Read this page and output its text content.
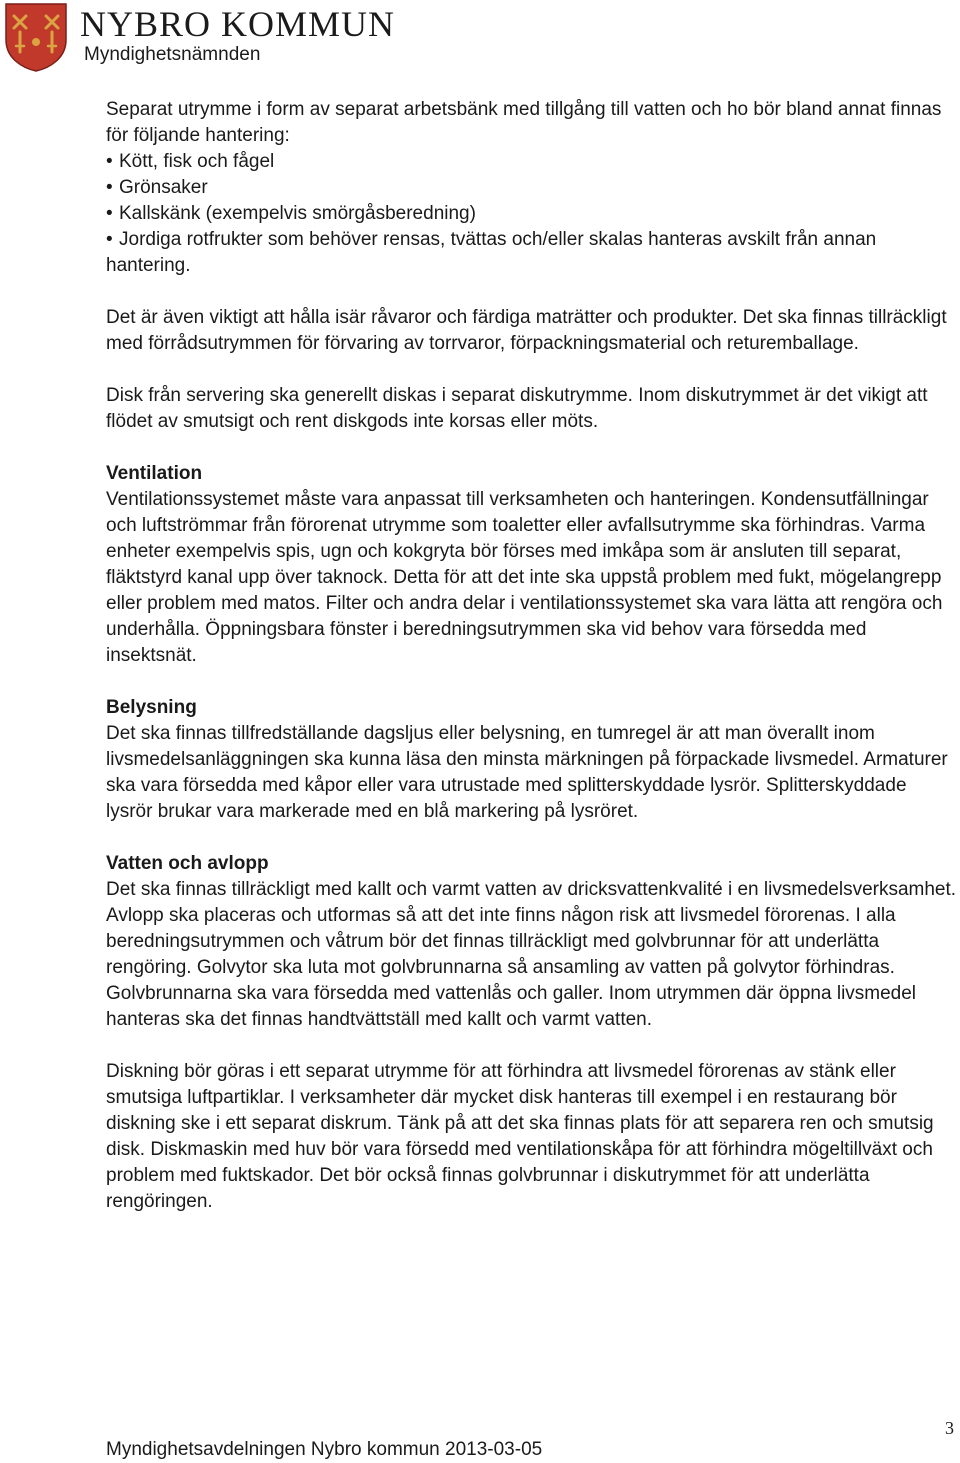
NYBRO KOMMUN
Myndighetsnämnden

Separat utrymme i form av separat arbetsbänk med tillgång till vatten och ho bör bland annat finnas för följande hantering:

• Kött, fisk och fågel
• Grönsaker
• Kallskänk (exempelvis smörgåsberedning)
• Jordiga rotfrukter som behöver rensas, tvättas och/eller skalas hanteras avskilt från annan hantering.

Det är även viktigt att hålla isär råvaror och färdiga maträtter och produkter. Det ska finnas tillräckligt med förrådsutrymmen för förvaring av torrvaror, förpackningsmaterial och returemballage.

Disk från servering ska generellt diskas i separat diskutrymme. Inom diskutrymmet är det vikigt att flödet av smutsigt och rent diskgods inte korsas eller möts.

Ventilation

Ventilationssystemet måste vara anpassat till verksamheten och hanteringen. Kondensutfällningar och luftströmmar från förorenat utrymme som toaletter eller avfallsutrymme ska förhindras. Varma enheter exempelvis spis, ugn och kokgryta bör förses med imkåpa som är ansluten till separat, fläktstyrd kanal upp över taknock. Detta för att det inte ska uppstå problem med fukt, mögelangrepp eller problem med matos. Filter och andra delar i ventilationssystemet ska vara lätta att rengöra och underhålla. Öppningsbara fönster i beredningsutrymmen ska vid behov vara försedda med insektsnät.

Belysning

Det ska finnas tillfredställande dagsljus eller belysning, en tumregel är att man överallt inom livsmedelsanläggningen ska kunna läsa den minsta märkningen på förpackade livsmedel. Armaturer ska vara försedda med kåpor eller vara utrustade med splitterskyddade lysrör. Splitterskyddade lysrör brukar vara markerade med en blå markering på lysröret.

Vatten och avlopp

Det ska finnas tillräckligt med kallt och varmt vatten av dricksvattenkvalité i en livsmedelsverksamhet. Avlopp ska placeras och utformas så att det inte finns någon risk att livsmedel förorenas. I alla beredningsutrymmen och våtrum bör det finnas tillräckligt med golvbrunnar för att underlätta rengöring. Golvytor ska luta mot golvbrunnarna så ansamling av vatten på golvytor förhindras. Golvbrunnarna ska vara försedda med vattenlås och galler. Inom utrymmen där öppna livsmedel hanteras ska det finnas handtvättställ med kallt och varmt vatten.

Diskning bör göras i ett separat utrymme för att förhindra att livsmedel förorenas av stänk eller smutsiga luftpartiklar. I verksamheter där mycket disk hanteras till exempel i en restaurang bör diskning ske i ett separat diskrum. Tänk på att det ska finnas plats för att separera ren och smutsig disk. Diskmaskin med huv bör vara försedd med ventilationskåpa för att förhindra mögeltillväxt och problem med fuktskador. Det bör också finnas golvbrunnar i diskutrymmet för att underlätta rengöringen.

Myndighetsavdelningen Nybro kommun 2013-03-05
3
